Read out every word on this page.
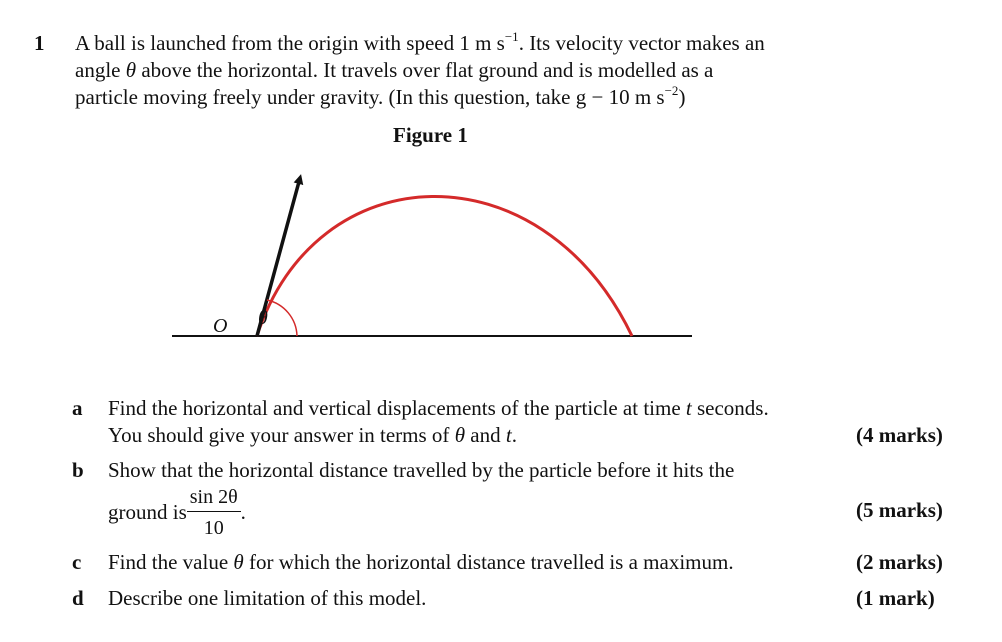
1 A ball is launched from the origin with speed 1 m $s^{-1}$. Its velocity vector makes an
angle θ above the horizontal. It travels over flat ground and is modelled as a
particle moving freely under gravity. (In this question, take g − 10 m $s^{-2}$)
Figure 1
O θ
a Find the horizontal and vertical displacements of the particle at time t seconds.
You should give your answer in terms of θ and t.	(4 marks)
b Show that the horizontal distance travelled by the particle before it hits the
ground is $\frac{\sin 2\theta}{10}$ .	(5 marks)
c Find the value θ for which the horizontal distance travelled is a maximum.	(2 marks)
d Describe one limitation of this model.	(1 mark)
